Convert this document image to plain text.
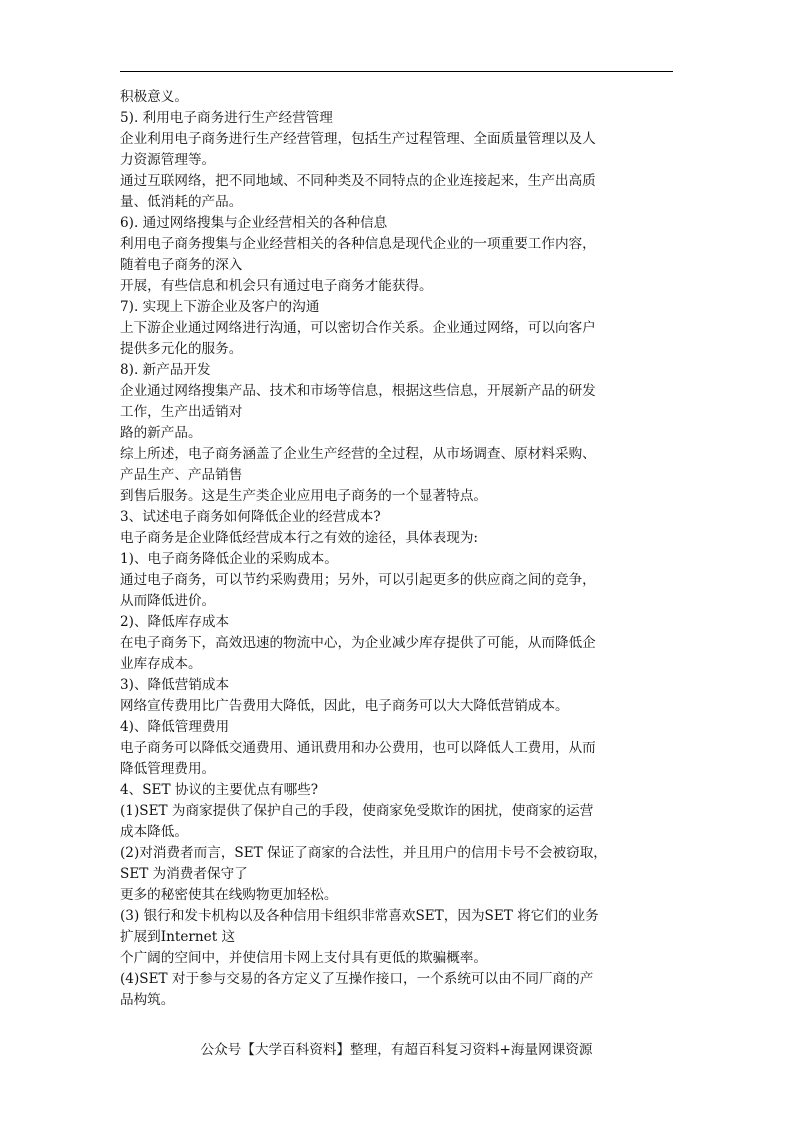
积极意义。
5). 利用电子商务进行生产经营管理
企业利用电子商务进行生产经营管理，包括生产过程管理、全面质量管理以及人
力资源管理等。
通过互联网络，把不同地域、不同种类及不同特点的企业连接起来，生产出高质
量、低消耗的产品。
6). 通过网络搜集与企业经营相关的各种信息
利用电子商务搜集与企业经营相关的各种信息是现代企业的一项重要工作内容，
随着电子商务的深入
开展，有些信息和机会只有通过电子商务才能获得。
7). 实现上下游企业及客户的沟通
上下游企业通过网络进行沟通，可以密切合作关系。企业通过网络，可以向客户
提供多元化的服务。
8). 新产品开发
企业通过网络搜集产品、技术和市场等信息，根据这些信息，开展新产品的研发
工作，生产出适销对
路的新产品。
综上所述，电子商务涵盖了企业生产经营的全过程，从市场调查、原材料采购、
产品生产、产品销售
到售后服务。这是生产类企业应用电子商务的一个显著特点。
3、试述电子商务如何降低企业的经营成本?
电子商务是企业降低经营成本行之有效的途径，具体表现为:
1)、电子商务降低企业的采购成本。
通过电子商务，可以节约采购费用；另外，可以引起更多的供应商之间的竞争，
从而降低进价。
2)、降低库存成本
在电子商务下，高效迅速的物流中心，为企业减少库存提供了可能，从而降低企
业库存成本。
3)、降低营销成本
网络宣传费用比广告费用大降低，因此，电子商务可以大大降低营销成本。
4)、降低管理费用
电子商务可以降低交通费用、通讯费用和办公费用，也可以降低人工费用，从而
降低管理费用。
4、SET 协议的主要优点有哪些?
(1)SET 为商家提供了保护自己的手段，使商家免受欺诈的困扰，使商家的运营
成本降低。
(2)对消费者而言，SET 保证了商家的合法性，并且用户的信用卡号不会被窃取，
SET 为消费者保守了
更多的秘密使其在线购物更加轻松。
(3) 银行和发卡机构以及各种信用卡组织非常喜欢SET，因为SET 将它们的业务
扩展到Internet 这
个广阔的空间中，并使信用卡网上支付具有更低的欺骗概率。
(4)SET 对于参与交易的各方定义了互操作接口，一个系统可以由不同厂商的产
品构筑。
公众号【大学百科资料】整理，有超百科复习资料+海量网课资源
